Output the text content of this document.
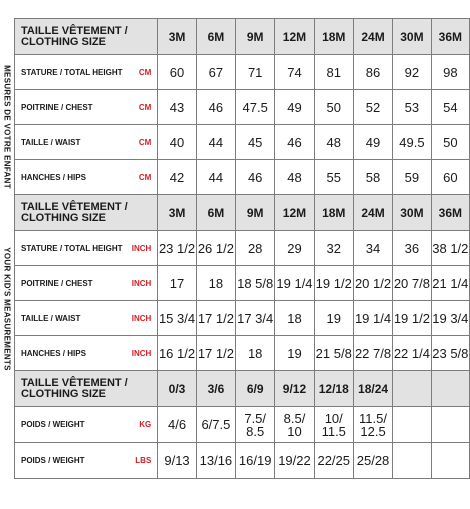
MESURES DE VOTRE ENFANT
YOUR KID'S MEASUREMENTS
TAILLE VÊTEMENT /
CLOTHING SIZE	3M	6M	9M	12M	18M	24M	30M	36M

CM
STATURE / TOTAL HEIGHT	60	67	71	74	81	86	92	98

CM
POITRINE / CHEST	43	46	47.5	49	50	52	53	54

CM
TAILLE / WAIST	40	44	45	46	48	49	49.5	50

CM
HANCHES / HIPS	42	44	46	48	55	58	59	60

TAILLE VÊTEMENT /
CLOTHING SIZE	3M	6M	9M	12M	18M	24M	30M	36M

INCH
STATURE / TOTAL HEIGHT	23 1/2	26 1/2	28	29	32	34	36	38 1/2

INCH
POITRINE / CHEST	17	18	18 5/8	19 1/4	19 1/2	20 1/2	20 7/8	21 1/4

INCH
TAILLE / WAIST	15 3/4	17 1/2	17 3/4	18	19	19 1/4	19 1/2	19 3/4

INCH
HANCHES / HIPS	16 1/2	17 1/2	18	19	21 5/8	22 7/8	22 1/4	23 5/8

TAILLE VÊTEMENT /
CLOTHING SIZE	0/3	3/6	6/9	9/12	12/18	18/24		

KG
POIDS / WEIGHT	4/6	6/7.5	7.5/ 8.5	8.5/ 10	10/ 11.5	11.5/ 12.5		

LBS
POIDS / WEIGHT	9/13	13/16	16/19	19/22	22/25	25/28		
